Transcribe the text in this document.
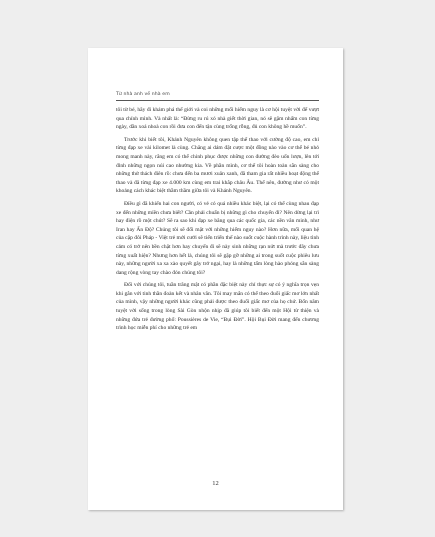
Từ nhà anh về nhà em

tôi từ bé, hãy đi khám phá thế giới và coi những mối hiểm nguy là cơ hội tuyệt vời để vượt qua chính mình. Và nhất là: “Đừng ru rú xó nhà giết thời gian, nó sẽ gặm nhấm con từng ngày, dần xoá nhoà con rồi đưa con đến tận cùng trống rỗng, đủ con không hề muốn”.

Trước khi biết tôi, Khánh Nguyên không quen tập thể thao với cường độ cao, em chỉ từng đạp xe vài kilomet là cùng. Chẳng ai dám đặt cược một đồng nào vào cơ thể bé nhỏ mong manh này, rằng em có thể chinh phục được những con đường đèo uốn lượn, lên tới đỉnh những ngọn núi cao nhường kia. Về phần mình, cơ thể tôi hoàn toàn sẵn sàng cho những thử thách điên rồ: chưa đến ba mươi xuân xanh, đã tham gia rất nhiều hoạt động thể thao và đã từng đạp xe 4.000 km cùng em trai khắp châu Âu. Thế nên, đường như có một khoảng cách khác biệt thầm thầm giữa tôi và Khánh Nguyên.

Điều gì đã khiến hai con người, có vẻ có quá nhiều khác biệt, lại có thể cùng nhau đạp xe đến những miền chưa biết? Cần phải chuẩn bị những gì cho chuyến đi? Nên dừng lại trì hay điện rồ một chút? Sẽ ra sao khi đạp xe băng qua các quốc gia, các nền văn minh, như Iran hay Ấn Độ? Chúng tôi sẽ đối mặt với những hiểm nguy nào? Hơn nữa, mối quan hệ của cặp đôi Pháp - Việt trẻ mới cưới sẽ tiến triển thế nào suốt cuộc hành trình này, liệu tình cảm có trở nên bền chặt hơn hay chuyến đi sẽ này sinh những rạn nứt mà trước đây chưa từng xuất hiện? Nhưng hơn hết là, chúng tôi sẽ gặp gỡ những ai trong suốt cuộc phiêu lưu này, những người xa xa xào quyết gây trở ngại, hay là những tấm lòng hào phóng sẵn sàng dang rộng vòng tay chào đón chúng tôi?

Đối với chúng tôi, tuần trăng mật có phần đặc biệt này chỉ thực sự có ý nghĩa trọn vẹn khi gắn với tinh thần đoàn kết và nhân văn. Tôi may mắn có thể theo đuổi giấc mơ lớn nhất của mình, vậy những người khác cũng phải được theo đuổi giấc mơ của họ chứ. Bốn năm tuyệt vời sống trong lòng Sài Gòn nhộn nhịp đã giúp tôi biết đến một Hội từ thiện và những đứa trẻ đường phố: Poussières de Vie, “Bụi Đời”. Hội Bụi Đời mang đến chương trình học miễn phí cho những trẻ em

12
